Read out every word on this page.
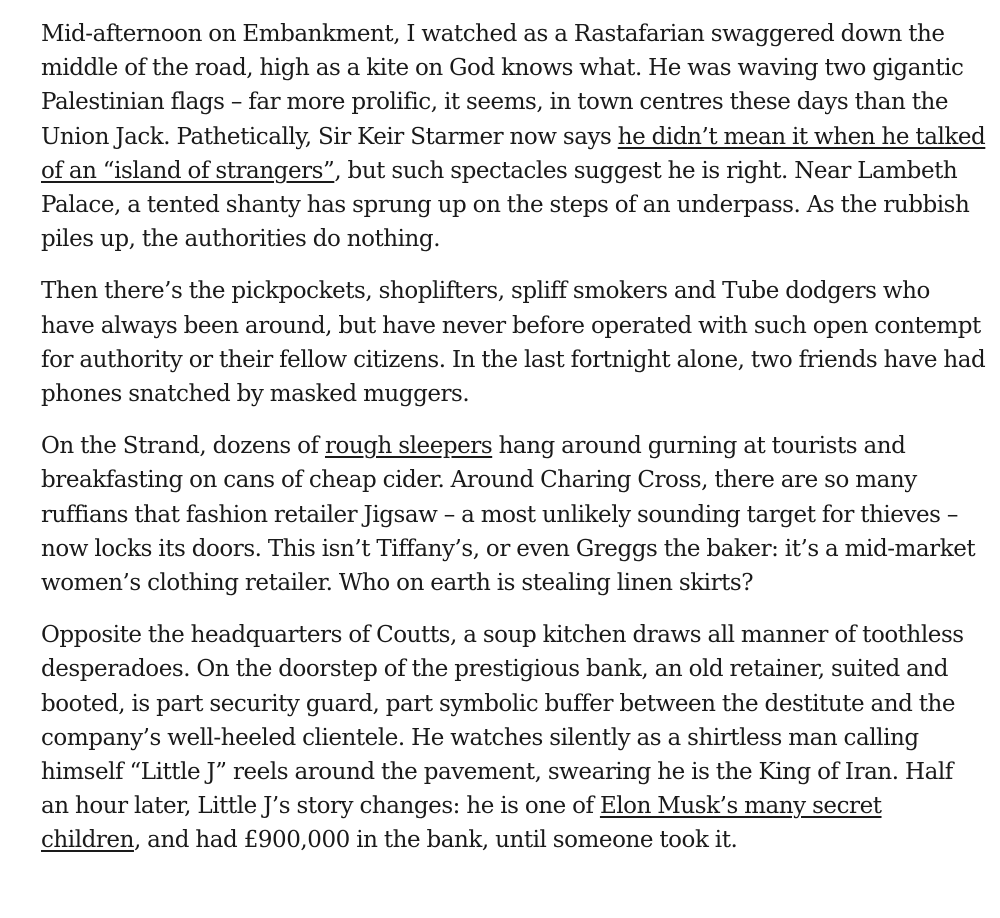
Mid-afternoon on Embankment, I watched as a Rastafarian swaggered down the middle of the road, high as a kite on God knows what. He was waving two gigantic Palestinian flags – far more prolific, it seems, in town centres these days than the Union Jack. Pathetically, Sir Keir Starmer now says he didn’t mean it when he talked of an “island of strangers”, but such spectacles suggest he is right. Near Lambeth Palace, a tented shanty has sprung up on the steps of an underpass. As the rubbish piles up, the authorities do nothing.

Then there’s the pickpockets, shoplifters, spliff smokers and Tube dodgers who have always been around, but have never before operated with such open contempt for authority or their fellow citizens. In the last fortnight alone, two friends have had phones snatched by masked muggers.

On the Strand, dozens of rough sleepers hang around gurning at tourists and breakfasting on cans of cheap cider. Around Charing Cross, there are so many ruffians that fashion retailer Jigsaw – a most unlikely sounding target for thieves – now locks its doors. This isn’t Tiffany’s, or even Greggs the baker: it’s a mid-market women’s clothing retailer. Who on earth is stealing linen skirts?

Opposite the headquarters of Coutts, a soup kitchen draws all manner of toothless desperadoes. On the doorstep of the prestigious bank, an old retainer, suited and booted, is part security guard, part symbolic buffer between the destitute and the company’s well-heeled clientele. He watches silently as a shirtless man calling himself “Little J” reels around the pavement, swearing he is the King of Iran. Half an hour later, Little J’s story changes: he is one of Elon Musk’s many secret children, and had £900,000 in the bank, until someone took it.
